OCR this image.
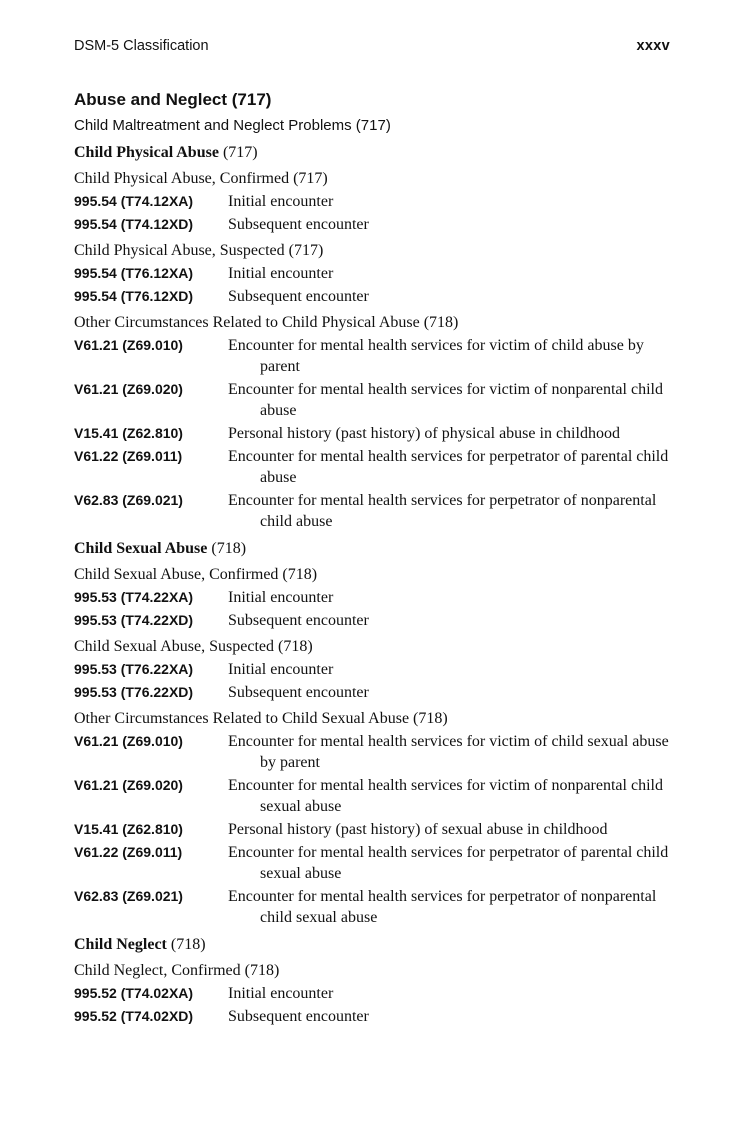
DSM-5 Classification	xxxv
Abuse and Neglect (717)
Child Maltreatment and Neglect Problems (717)
Child Physical Abuse (717)
Child Physical Abuse, Confirmed (717)
995.54 (T74.12XA)	Initial encounter
995.54 (T74.12XD)	Subsequent encounter
Child Physical Abuse, Suspected (717)
995.54 (T76.12XA)	Initial encounter
995.54 (T76.12XD)	Subsequent encounter
Other Circumstances Related to Child Physical Abuse (718)
V61.21 (Z69.010)	Encounter for mental health services for victim of child abuse by parent
V61.21 (Z69.020)	Encounter for mental health services for victim of nonparental child abuse
V15.41 (Z62.810)	Personal history (past history) of physical abuse in childhood
V61.22 (Z69.011)	Encounter for mental health services for perpetrator of parental child abuse
V62.83 (Z69.021)	Encounter for mental health services for perpetrator of nonparental child abuse
Child Sexual Abuse (718)
Child Sexual Abuse, Confirmed (718)
995.53 (T74.22XA)	Initial encounter
995.53 (T74.22XD)	Subsequent encounter
Child Sexual Abuse, Suspected (718)
995.53 (T76.22XA)	Initial encounter
995.53 (T76.22XD)	Subsequent encounter
Other Circumstances Related to Child Sexual Abuse (718)
V61.21 (Z69.010)	Encounter for mental health services for victim of child sexual abuse by parent
V61.21 (Z69.020)	Encounter for mental health services for victim of nonparental child sexual abuse
V15.41 (Z62.810)	Personal history (past history) of sexual abuse in childhood
V61.22 (Z69.011)	Encounter for mental health services for perpetrator of parental child sexual abuse
V62.83 (Z69.021)	Encounter for mental health services for perpetrator of nonparental child sexual abuse
Child Neglect (718)
Child Neglect, Confirmed (718)
995.52 (T74.02XA)	Initial encounter
995.52 (T74.02XD)	Subsequent encounter
